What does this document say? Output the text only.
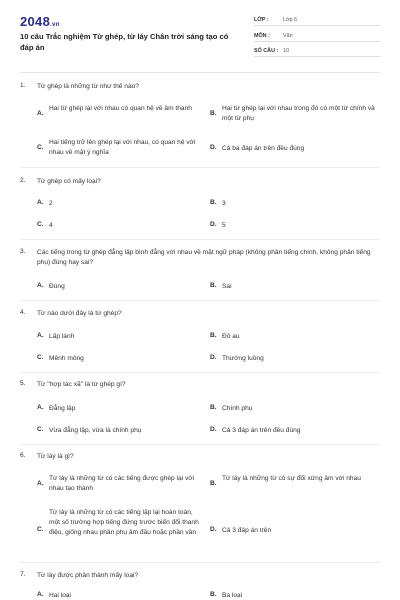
2048.vn
10 câu Trắc nghiệm Từ ghép, từ láy Chân trời sáng tạo có đáp án
LỚP :	Lớp 6
MÔN : Văn
SỐ CÂU : 10
1.	Từ ghép là những từ như thế nào?
A.
Hai từ ghép lại với nhau có quan hệ về âm thanh
B.
Hai từ ghép lại với nhau trong đó có một từ chính và một từ phụ
C.
Hai tiếng trở lên ghép lại với nhau, có quan hệ với nhau về mặt ý nghĩa
D. Cả ba đáp án trên đều đúng
2.	Từ ghép có mấy loại?
A. 2	B. 3
C. 4	D. 5
3.	Các tiếng trong từ ghép đẳng lập bình đẳng với nhau về mặt ngữ pháp (không phân tiếng chính, không phân tiếng phụ) đúng hay sai?
A. Đúng	B. Sai
4.	Từ nào dưới đây là từ ghép?
A. Lấp lánh	B. Đỏ au
C. Mênh mông	D. Thướng luồng
5.	Từ "hợp tác xã" là từ ghép gì?
A. Đẳng lập	B. Chính phụ
C. Vừa đẳng lập, vừa là chính phụ	D. Cả 3 đáp án trên đều đúng
6.	Từ láy là gì?
A.
Từ láy là những từ có các tiếng được ghép lại với nhau tạo thành
B.
Từ láy là những từ có sự đối xứng âm với nhau
C.
Từ láy là những từ có các tiếng lặp lại hoàn toàn, một số trường hợp tiếng đứng trước biến đổi thanh điệu, giống nhau phần phụ âm đầu hoặc phần vần	D. Cả 3 đáp án trên
7.	Từ láy được phân thành mấy loại?
A. Hai loại	B. Ba loại
